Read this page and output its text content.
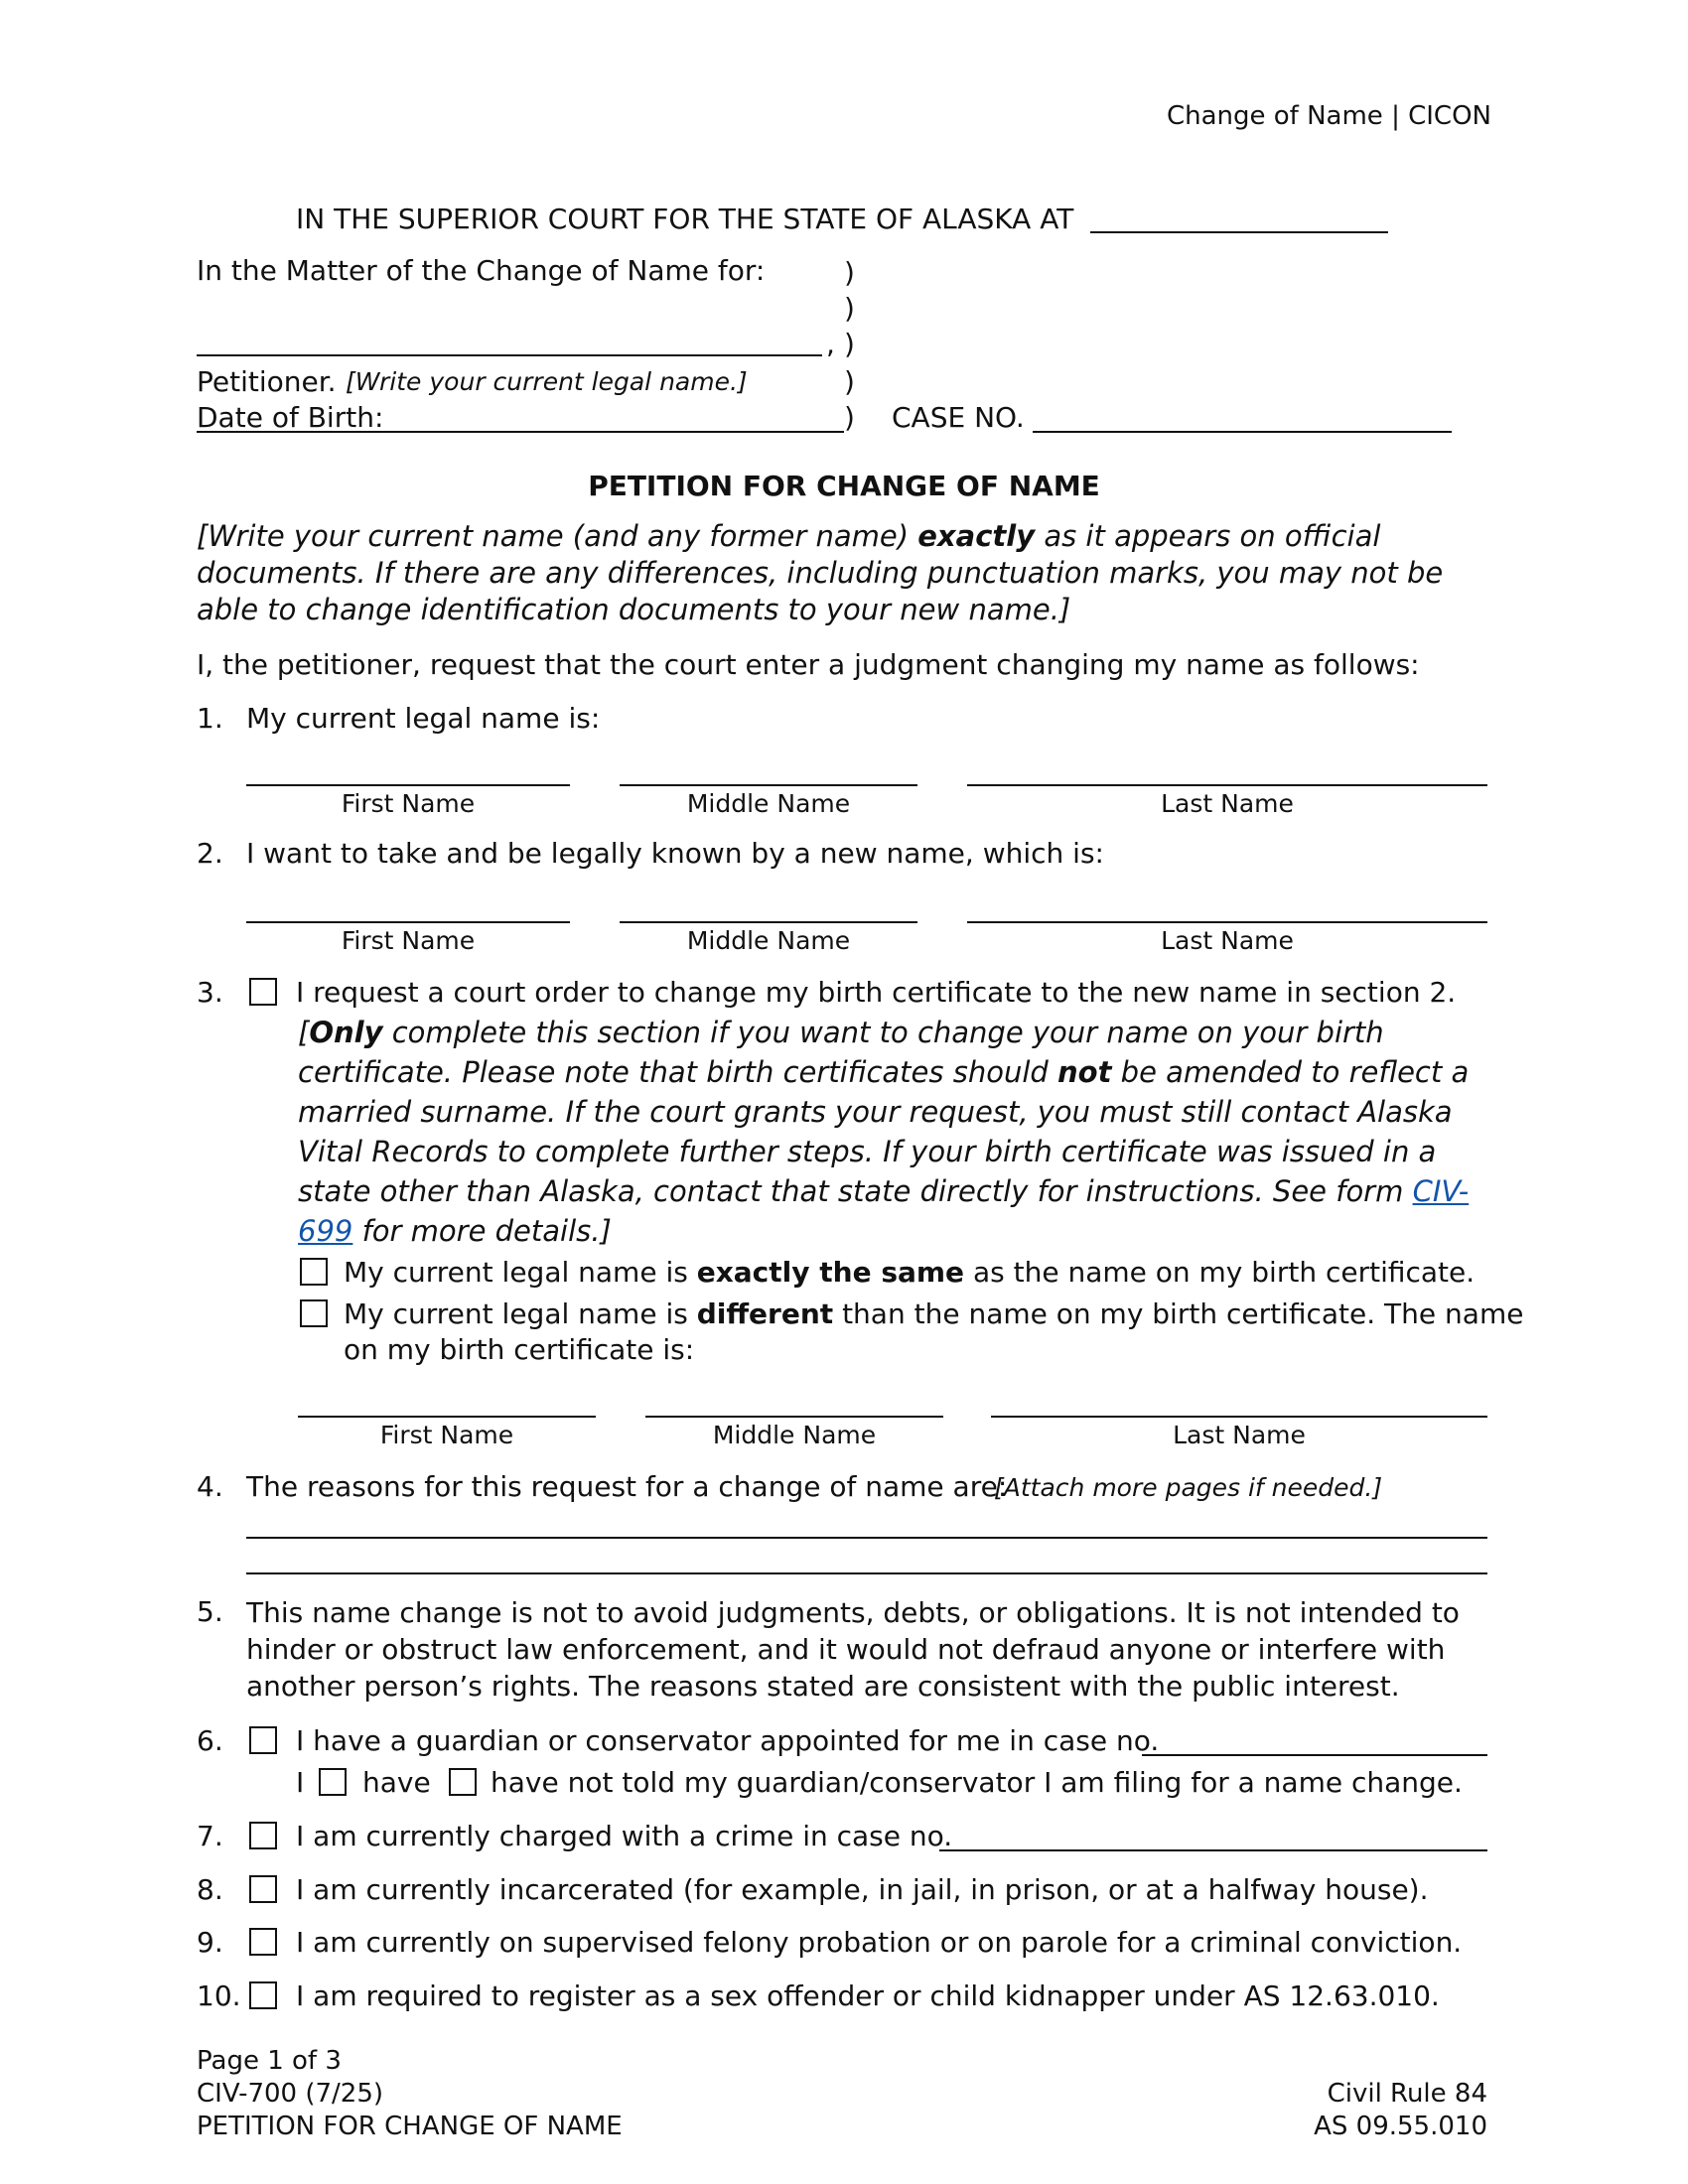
Change of Name | CICON
IN THE SUPERIOR COURT FOR THE STATE OF ALASKA AT
In the Matter of the Change of Name for:	)
)
, )
Petitioner. [Write your current legal name.]	)
Date of Birth:	) CASE NO.
PETITION FOR CHANGE OF NAME
[Write your current name (and any former name) exactly as it appears on official documents. If there are any differences, including punctuation marks, you may not be able to change identification documents to your new name.]
I, the petitioner, request that the court enter a judgment changing my name as follows:
1. My current legal name is:
First Name	Middle Name	Last Name
2. I want to take and be legally known by a new name, which is:
First Name	Middle Name	Last Name
3.	I request a court order to change my birth certificate to the new name in section 2.
[Only complete this section if you want to change your name on your birth certificate. Please note that birth certificates should not be amended to reflect a married surname. If the court grants your request, you must still contact Alaska Vital Records to complete further steps. If your birth certificate was issued in a state other than Alaska, contact that state directly for instructions. See form CIV-699 for more details.]
My current legal name is exactly the same as the name on my birth certificate.
My current legal name is different than the name on my birth certificate. The name
on my birth certificate is:
First Name	Middle Name	Last Name
4. The reasons for this request for a change of name are:
[Attach more pages if needed.]
5. This name change is not to avoid judgments, debts, or obligations. It is not intended to hinder or obstruct law enforcement, and it would not defraud anyone or interfere with another person’s rights. The reasons stated are consistent with the public interest.
6.	I have a guardian or conservator appointed for me in case no.
I have have not told my guardian/conservator I am filing for a name change.
7.	I am currently charged with a crime in case no.
8.	I am currently incarcerated (for example, in jail, in prison, or at a halfway house).
9.	I am currently on supervised felony probation or on parole for a criminal conviction.
10. I am required to register as a sex offender or child kidnapper under AS 12.63.010.
Page 1 of 3
CIV-700 (7/25)
PETITION FOR CHANGE OF NAME
Civil Rule 84
AS 09.55.010
